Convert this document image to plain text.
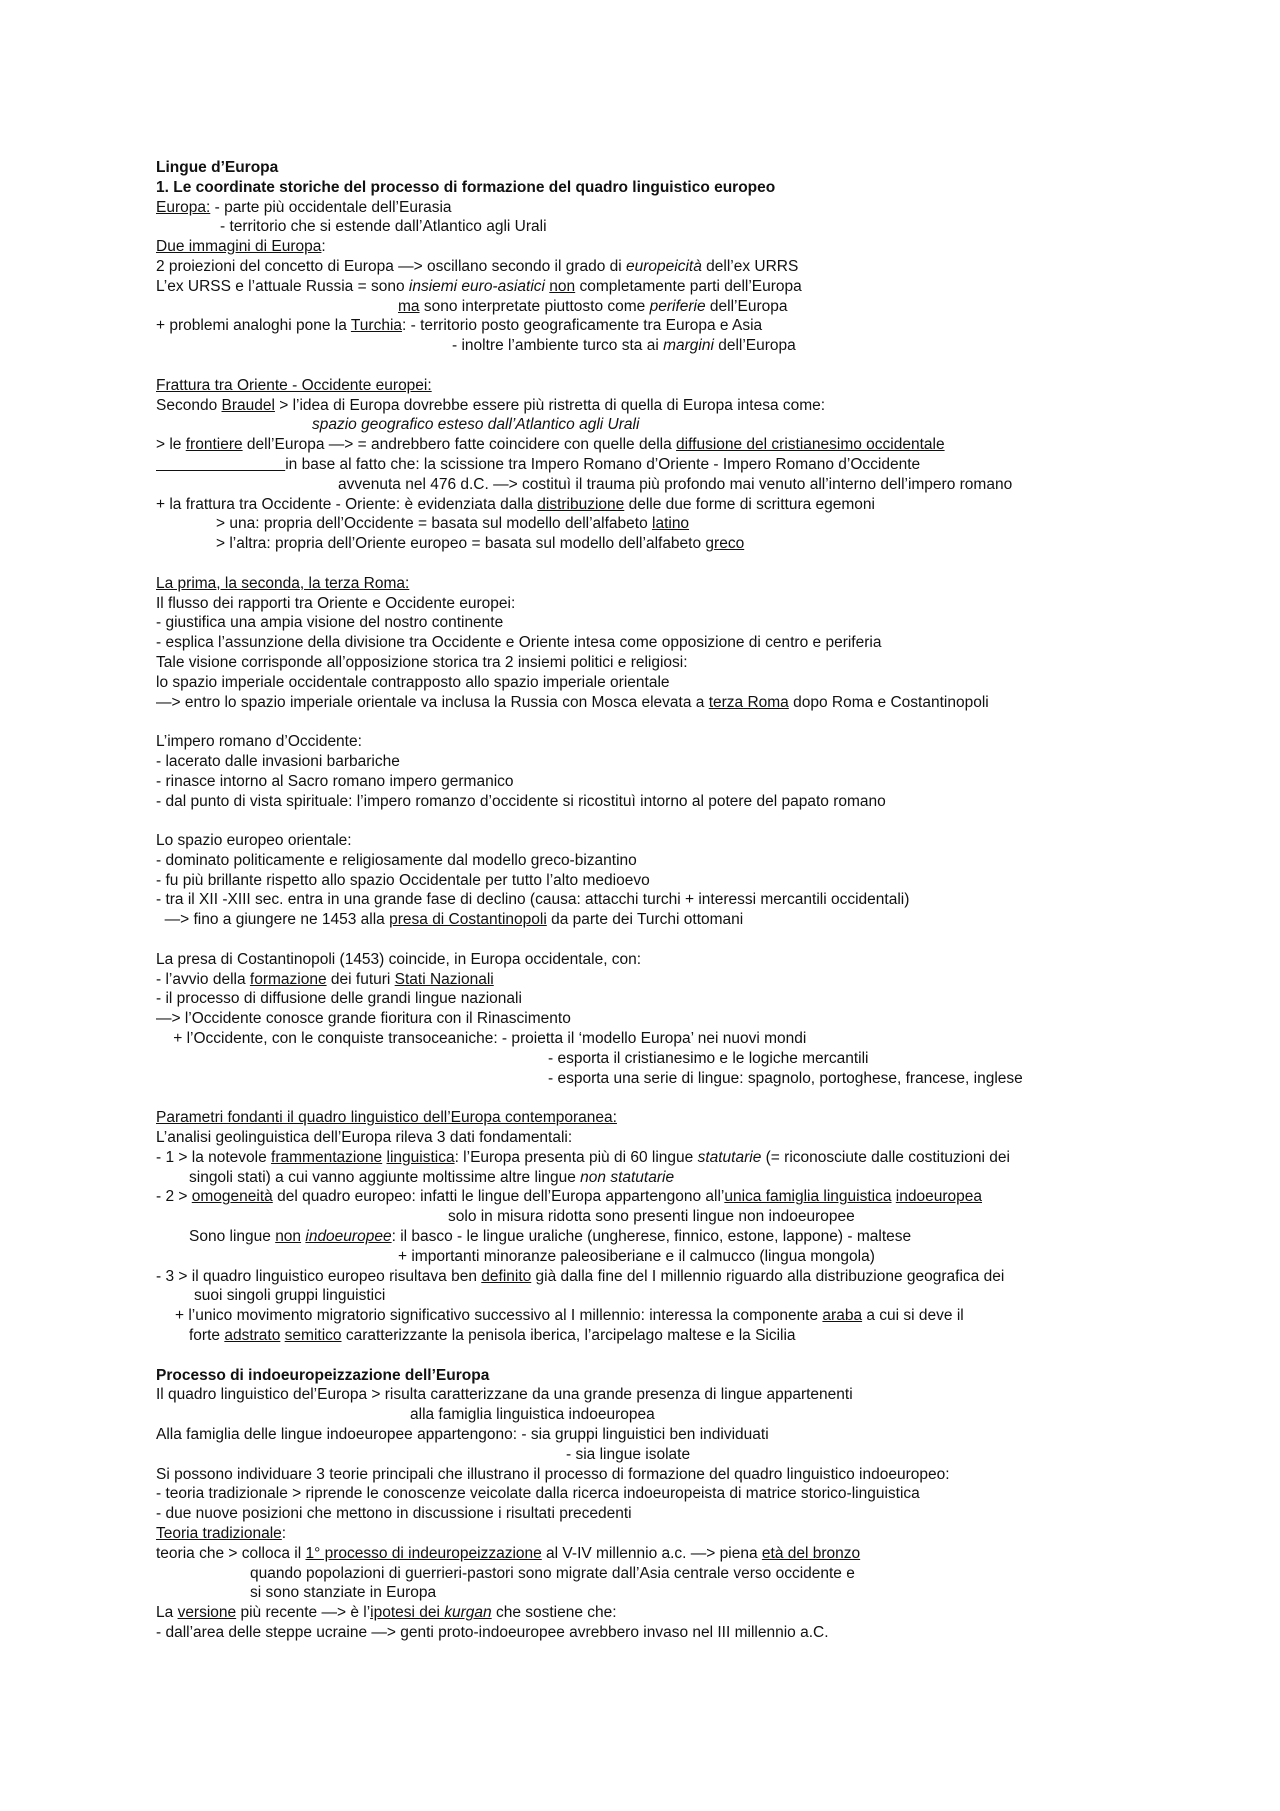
Lingue d’Europa
1. Le coordinate storiche del processo di formazione del quadro linguistico europeo
Europa: - parte più occidentale dell’Eurasia
- territorio che si estende dall’Atlantico agli Urali
Due immagini di Europa:
2 proiezioni del concetto di Europa —> oscillano secondo il grado di europeicità dell’ex URRS
L’ex URSS e l’attuale Russia = sono insiemi euro-asiatici non completamente parti dell’Europa
ma sono interpretate piuttosto come periferie dell’Europa
+ problemi analoghi pone la Turchia: - territorio posto geograficamente tra Europa e Asia
- inoltre l’ambiente turco sta ai margini dell’Europa
Frattura tra Oriente - Occidente europei:
Secondo Braudel > l’idea di Europa dovrebbe essere più ristretta di quella di Europa intesa come:
spazio geografico esteso dall’Atlantico agli Urali
> le frontiere dell’Europa —> = andrebbero fatte coincidere con quelle della diffusione del cristianesimo occidentale
in base al fatto che: la scissione tra Impero Romano d’Oriente - Impero Romano d’Occidente
avvenuta nel 476 d.C. —> costituì il trauma più profondo mai venuto all’interno dell’impero romano
+ la frattura tra Occidente - Oriente: è evidenziata dalla distribuzione delle due forme di scrittura egemoni
> una: propria dell’Occidente = basata sul modello dell’alfabeto latino
> l’altra: propria dell’Oriente europeo = basata sul modello dell’alfabeto greco
La prima, la seconda, la terza Roma:
Il flusso dei rapporti tra Oriente e Occidente europei:
- giustifica una ampia visione del nostro continente
- esplica l’assunzione della divisione tra Occidente e Oriente intesa come opposizione di centro e periferia
Tale visione corrisponde all’opposizione storica tra 2 insiemi politici e religiosi:
lo spazio imperiale occidentale contrapposto allo spazio imperiale orientale
—> entro lo spazio imperiale orientale va inclusa la Russia con Mosca elevata a terza Roma dopo Roma e Costantinopoli
L’impero romano d’Occidente:
- lacerato dalle invasioni barbariche
- rinasce intorno al Sacro romano impero germanico
- dal punto di vista spirituale: l’impero romanzo d’occidente si ricostituì intorno al potere del papato romano
Lo spazio europeo orientale:
- dominato politicamente e religiosamente dal modello greco-bizantino
- fu più brillante rispetto allo spazio Occidentale per tutto l’alto medioevo
- tra il XII -XIII sec. entra in una grande fase di declino (causa: attacchi turchi + interessi mercantili occidentali)
—> fino a giungere ne 1453 alla presa di Costantinopoli da parte dei Turchi ottomani
La presa di Costantinopoli (1453) coincide, in Europa occidentale, con:
- l’avvio della formazione dei futuri Stati Nazionali
- il processo di diffusione delle grandi lingue nazionali
—> l’Occidente conosce grande fioritura con il Rinascimento
+ l’Occidente, con le conquiste transoceaniche: - proietta il ‘modello Europa’ nei nuovi mondi
- esporta il cristianesimo e le logiche mercantili
- esporta una serie di lingue: spagnolo, portoghese, francese, inglese
Parametri fondanti il quadro linguistico dell’Europa contemporanea:
L’analisi geolinguistica dell’Europa rileva 3 dati fondamentali:
- 1 > la notevole frammentazione linguistica: l’Europa presenta più di 60 lingue statutarie (= riconosciute dalle costituzioni dei
singoli stati) a cui vanno aggiunte moltissime altre lingue non statutarie
- 2 > omogeneità del quadro europeo: infatti le lingue dell’Europa appartengono all’unica famiglia linguistica indoeuropea
solo in misura ridotta sono presenti lingue non indoeuropee
Sono lingue non indoeuropee: il basco - le lingue uraliche (ungherese, finnico, estone, lappone) - maltese
+ importanti minoranze paleosiberiane e il calmucco (lingua mongola)
- 3 > il quadro linguistico europeo risultava ben definito già dalla fine del I millennio riguardo alla distribuzione geografica dei
suoi singoli gruppi linguistici
+ l’unico movimento migratorio significativo successivo al I millennio: interessa la componente araba a cui si deve il
forte adstrato semitico caratterizzante la penisola iberica, l’arcipelago maltese e la Sicilia
Processo di indoeuropeizzazione dell’Europa
Il quadro linguistico del’Europa > risulta caratterizzane da una grande presenza di lingue appartenenti
alla famiglia linguistica indoeuropea
Alla famiglia delle lingue indoeuropee appartengono: - sia gruppi linguistici ben individuati
- sia lingue isolate
Si possono individuare 3 teorie principali che illustrano il processo di formazione del quadro linguistico indoeuropeo:
- teoria tradizionale > riprende le conoscenze veicolate dalla ricerca indoeuropeista di matrice storico-linguistica
- due nuove posizioni che mettono in discussione i risultati precedenti
Teoria tradizionale:
teoria che > colloca il 1° processo di indeuropeizzazione al V-IV millennio a.c. —> piena età del bronzo
quando popolazioni di guerrieri-pastori sono migrate dall’Asia centrale verso occidente e
si sono stanziate in Europa
La versione più recente —> è l’ipotesi dei kurgan che sostiene che:
- dall’area delle steppe ucraine —> genti proto-indoeuropee avrebbero invaso nel III millennio a.C.
